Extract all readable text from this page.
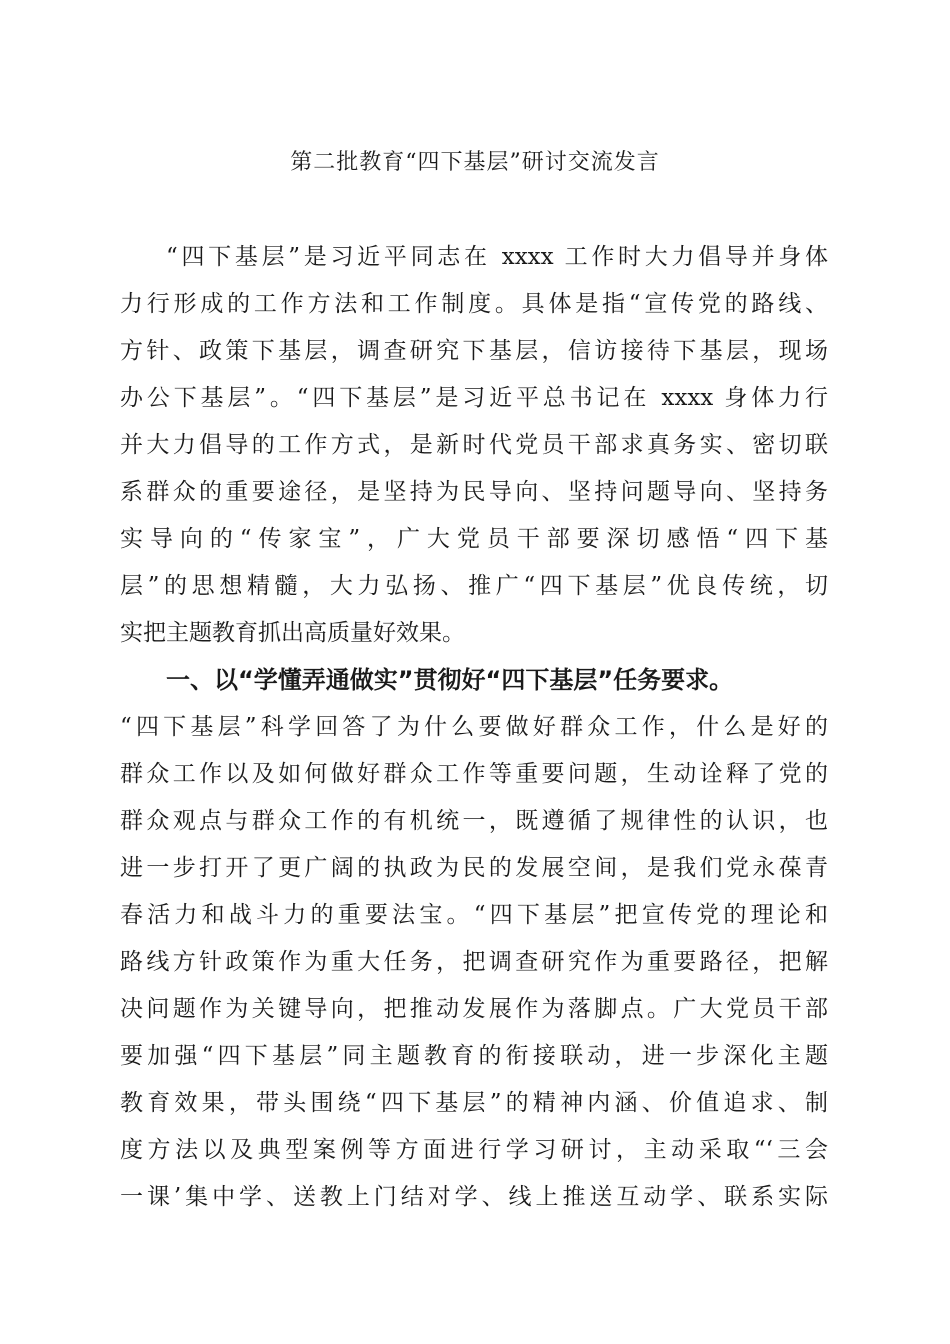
第二批教育“四下基层”研讨交流发言
“四下基层”是习近平同志在 xxxx 工作时大力倡导并身体
力行形成的工作方法和工作制度。具体是指“宣传党的路线、
方针、政策下基层，调查研究下基层，信访接待下基层，现场
办公下基层”。“四下基层”是习近平总书记在 xxxx 身体力行
并大力倡导的工作方式，是新时代党员干部求真务实、密切联
系群众的重要途径，是坚持为民导向、坚持问题导向、坚持务
实导向的“传家宝”，广大党员干部要深切感悟“四下基
层”的思想精髓，大力弘扬、推广“四下基层”优良传统，切
实把主题教育抓出高质量好效果。
一、以“学懂弄通做实”贯彻好“四下基层”任务要求。
“四下基层”科学回答了为什么要做好群众工作，什么是好的
群众工作以及如何做好群众工作等重要问题，生动诠释了党的
群众观点与群众工作的有机统一，既遵循了规律性的认识，也
进一步打开了更广阔的执政为民的发展空间，是我们党永葆青
春活力和战斗力的重要法宝。“四下基层”把宣传党的理论和
路线方针政策作为重大任务，把调查研究作为重要路径，把解
决问题作为关键导向，把推动发展作为落脚点。广大党员干部
要加强“四下基层”同主题教育的衔接联动，进一步深化主题
教育效果，带头围绕“四下基层”的精神内涵、价值追求、制
度方法以及典型案例等方面进行学习研讨，主动采取“‘三会
一课’集中学、送教上门结对学、线上推送互动学、联系实际
